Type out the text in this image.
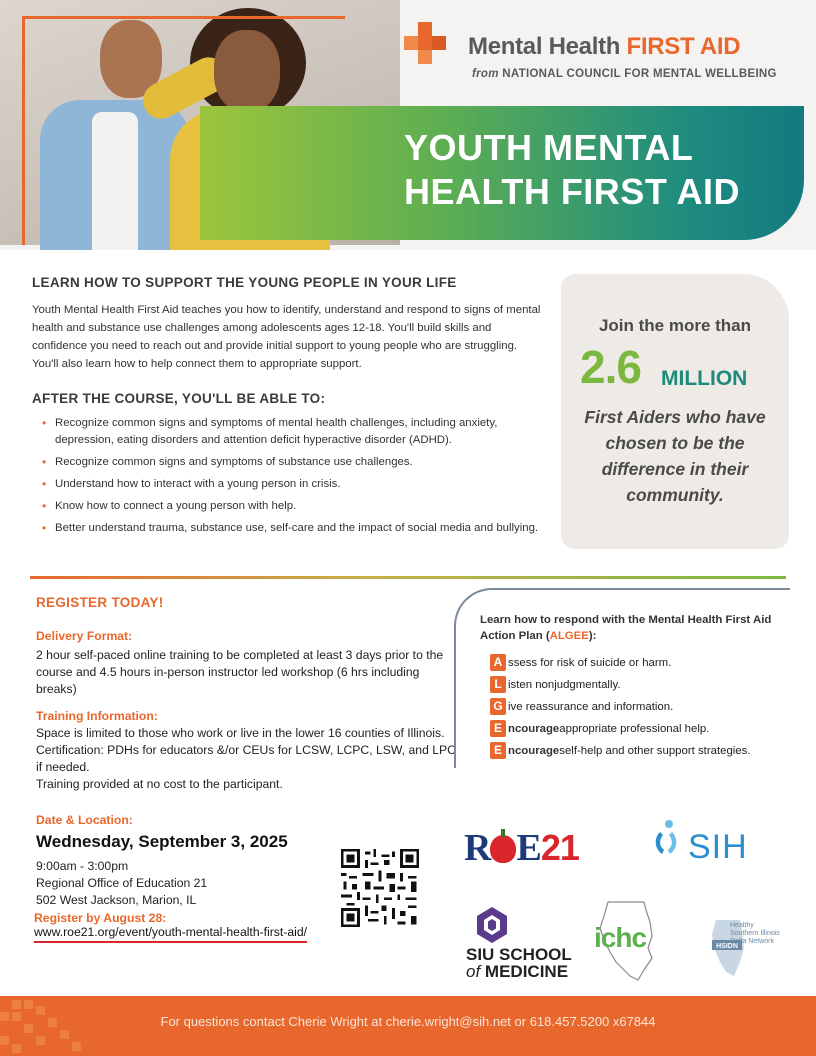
Mental Health FIRST AID
from NATIONAL COUNCIL FOR MENTAL WELLBEING
YOUTH MENTAL HEALTH FIRST AID
LEARN HOW TO SUPPORT THE YOUNG PEOPLE IN YOUR LIFE
Youth Mental Health First Aid teaches you how to identify, understand and respond to signs of mental health and substance use challenges among adolescents ages 12-18. You'll build skills and confidence you need to reach out and provide initial support to young people who are struggling. You'll also learn how to help connect them to appropriate support.
AFTER THE COURSE, YOU'LL BE ABLE TO:
• Recognize common signs and symptoms of mental health challenges, including anxiety, depression, eating disorders and attention deficit hyperactive disorder (ADHD).
• Recognize common signs and symptoms of substance use challenges.
• Understand how to interact with a young person in crisis.
• Know how to connect a young person with help.
• Better understand trauma, substance use, self-care and the impact of social media and bullying.
Join the more than
2.6 MILLION
First Aiders who have chosen to be the difference in their community.
REGISTER TODAY!
Delivery Format:
2 hour self-paced online training to be completed at least 3 days prior to the course and 4.5 hours in-person instructor led workshop (6 hrs including breaks)
Training Information:
Space is limited to those who work or live in the lower 16 counties of Illinois. Certification: PDHs for educators &/or CEUs for LCSW, LCPC, LSW, and LPC if needed.
Training provided at no cost to the participant.
Date & Location:
Wednesday, September 3, 2025
9:00am - 3:00pm
Regional Office of Education 21
502 West Jackson, Marion, IL
Register by August 28:
www.roe21.org/event/youth-mental-health-first-aid/
Learn how to respond with the Mental Health First Aid Action Plan (ALGEE):
A ssess for risk of suicide or harm.
L isten nonjudgmentally.
G ive reassurance and information.
E ncourage appropriate professional help.
E ncourage self-help and other support strategies.
R E21	SIH
SIU SCHOOL
of MEDICINE
ichc	HSIDN
Healthy Southern Illinois Delta Network
For questions contact Cherie Wright at cherie.wright@sih.net or 618.457.5200 x67844
